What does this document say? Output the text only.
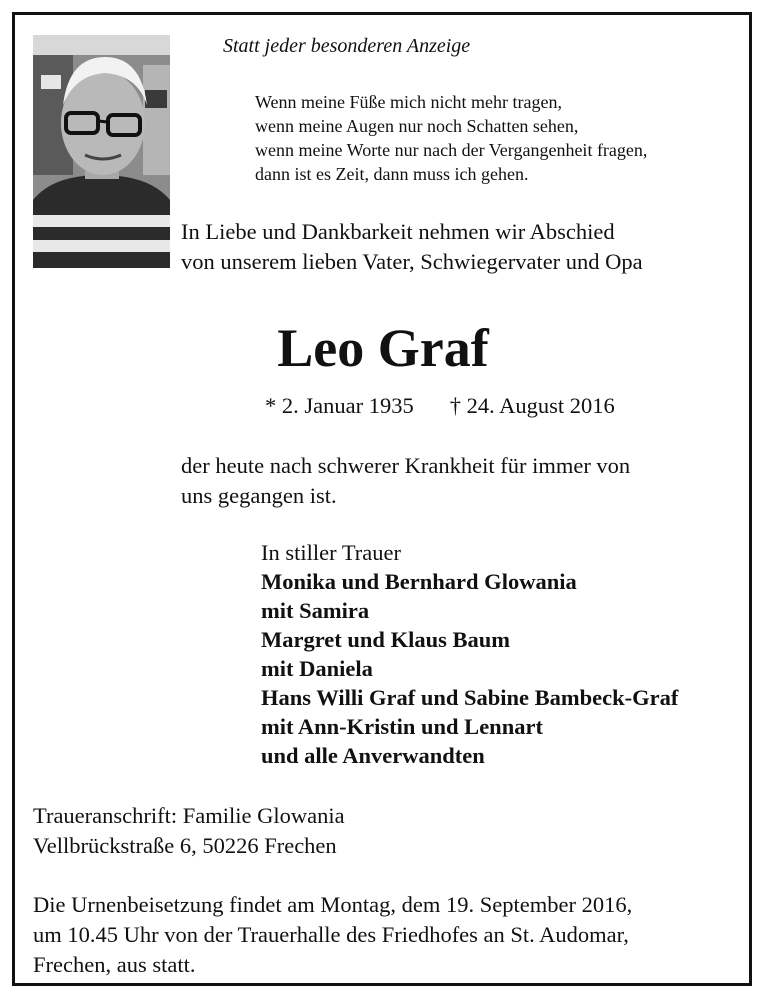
Statt jeder besonderen Anzeige

Wenn meine Füße mich nicht mehr tragen,
wenn meine Augen nur noch Schatten sehen,
wenn meine Worte nur nach der Vergangenheit fragen,
dann ist es Zeit, dann muss ich gehen.
In Liebe und Dankbarkeit nehmen wir Abschied
von unserem lieben Vater, Schwiegervater und Opa
Leo Graf
* 2. Januar 1935 † 24. August 2016
der heute nach schwerer Krankheit für immer von
uns gegangen ist.
In stiller Trauer
Monika und Bernhard Glowania
mit Samira
Margret und Klaus Baum
mit Daniela
Hans Willi Graf und Sabine Bambeck-Graf
mit Ann-Kristin und Lennart
und alle Anverwandten
Traueranschrift: Familie Glowania
Vellbrückstraße 6, 50226 Frechen
Die Urnenbeisetzung findet am Montag, dem 19. September 2016,
um 10.45 Uhr von der Trauerhalle des Friedhofes an St. Audomar,
Frechen, aus statt.
